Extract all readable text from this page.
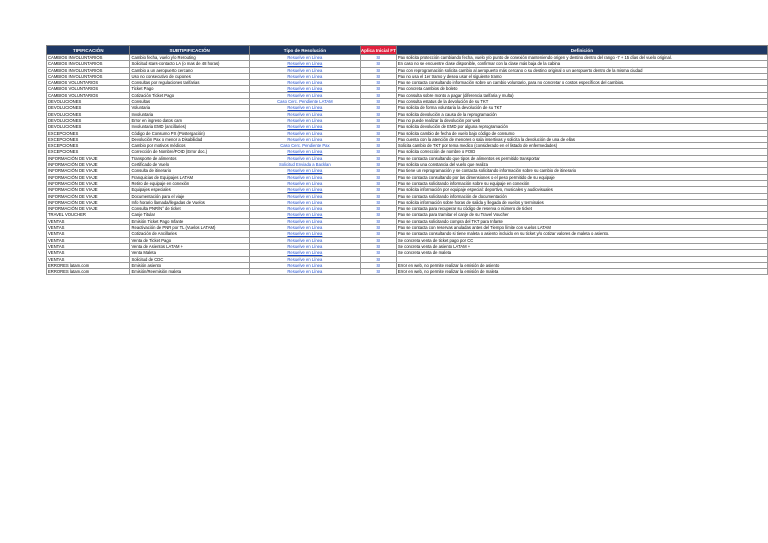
TIPIFICACIÓN	SUBTIPIFICACIÓN	Tipo de Resolución	Aplica Inicial FT	Definición
CAMBIOS INVOLUNTARIOS	Cambio fecha, vuelo y/o Rerouting	Resuelve en Línea	SI	Pax solicita protección cambiando fecha, vuelo y/o punto de conexión manteniendo origen y destino dentro del rango -7 + 15 días del vuelo original.
CAMBIOS INVOLUNTARIOS	Solicitud stars-contacto LA (o mas de 48 horas)	Resuelve en Línea	SI	En caso no se encuentre clase disponible, confirmar con la clase más baja de la cabina
CAMBIOS INVOLUNTARIOS	Cambio a un aeropuerto cercano	Resuelve en Línea	SI	Pax con reprogramación solicita cambio al aeropuerto más cercano o su destino original o un aeropuerto dentro de la misma ciudad
CAMBIOS INVOLUNTARIOS	Uso no consecutivo de cupones	Resuelve en Línea	SI	Pax no usa el 1er tramo y desea usar el siguiente tramo
CAMBIOS VOLUNTARIOS	Consultas por regulaciones tarifarias	Resuelve en Línea	SI	Pax se contacta consultando información sobre un cambio voluntario, para no concretar o costos específicos del cambios.
CAMBIOS VOLUNTARIOS	Ticket Pago	Resuelve en Línea	SI	Pax concreta cambios de boleto
CAMBIOS VOLUNTARIOS	Cotización Ticket Pago	Resuelve en Línea	SI	Pax consulta sobre monto a pagar (diferencia tarifaria y multa)
DEVOLUCIONES	Consultas	Caso Cerc. Pendiente LATAM	SI	Pax consulta estatus de la devolución de su TKT
DEVOLUCIONES	Voluntaria	Resuelve en Línea	SI	Pax solicita de forma voluntaria la devolución de su TKT
DEVOLUCIONES	Involuntaria	Resuelve en Línea	SI	Pax solicita devolución a causa de la reprogramación
DEVOLUCIONES	Error en ingreso datos cam	Resuelve en Línea	SI	Pax no puede realizar la devolución por web
DEVOLUCIONES	Involuntaria EMD (ancillaries)	Resuelve en Línea	SI	Pax solicita devolución de EMD por alguna reprogramación
EXCEPCIONES	Código de Consumo PX (Postergación)	Resuelve en Línea	SI	Pax solicita cambio de fecha de vuelo bajo código de consumo
EXCEPCIONES	Devolución Pax o menor a Disabilidad	Resuelve en Línea	SI	Pax cuenta con la atención de menores o sala insertivas y solicita la devolución de una de ellas
EXCEPCIONES	Cambio por motivos médicos	Caso Cerc. Pendiente Pax	SI	Solicita cambio de TKT por tema medico (considerado en el listado de enfermedades)
EXCEPCIONES	Corrección de Nombre/FOID (Error doc.)	Resuelve en Línea	SI	Pax solicita corrección de nombre o FOID
INFORMACIÓN DE VIAJE	Transporte de alimentos	Resuelve en Línea	SI	Pax se contacta consultando que tipos de alimentos es permitido transportar
INFORMACIÓN DE VIAJE	Certificado de Vuelo	Solicitud Enviada a Backlan	SI	Pax solicita una constancia del vuelo que realiza
INFORMACIÓN DE VIAJE	Consulta de itinerario	Resuelve en Línea	SI	Pax tiene un reprogramación y se contacta solicitando información sobre su cambio de itinerario
INFORMACIÓN DE VIAJE	Franquicias de Equipajes LATAM	Resuelve en Línea	SI	Pax se contacta consultando por las dimensiones o el peso permitido de su equipaje
INFORMACIÓN DE VIAJE	Retiro de equipaje en conexión	Resuelve en Línea	SI	Pax se contacta solicitando información sobre su equipaje en conexión
INFORMACIÓN DE VIAJE	Equipajes especiales	Resuelve en Línea	SI	Pax solicita información por equipaje especial: deportivo, musicales y audiovisuales
INFORMACIÓN DE VIAJE	Documentación para el viaje	Resuelve en Línea	SI	Pax se contacta solicitando información de documentación
INFORMACIÓN DE VIAJE	Info horario llamada/llegadas de Vuelos	Resuelve en Línea	SI	Pax solicita información sobre horas de salida y llegada de vuelos y terminales
INFORMACIÓN DE VIAJE	Consulta PNR/N° de ticket	Resuelve en Línea	SI	Pax se contacta para recuperar su código de reserva o número de ticket
TRAVEL VOUCHER	Canje Titular	Resuelve en Línea	SI	Pax se contacta para tramitar el canje de su Travel Voucher
VENTAS	Emisión Ticket Pago Infante	Resuelve en Línea	SI	Pax se contacta solicitando compra del TKT para Infante
VENTAS	Reactivación de PNR por TL (Vuelos LATAM)	Resuelve en Línea	SI	Pax se contacta con reservas anuladas antes del Tiempo límite con vuelos LATAM
VENTAS	Cotización de Ancillaries	Resuelve en Línea	SI	Pax se contacta consultando si tiene maleta o asiento incluido en su ticket y/o cotizar valores de maleta o asiento.
VENTAS	Venta de Ticket Pago	Resuelve en Línea	SI	Se concreta venta de ticket pago por CC
VENTAS	Venta de Asientos LATAM +	Resuelve en Línea	SI	Se concreta venta de asiento LATAM +
VENTAS	Venta Maleta	Resuelve en Línea	SI	Se concreta venta de maleta
VENTAS	Solicitud de CDC	Resuelve en Línea	SI	
ERRORES latam.com	Emisión asiento	Resuelve en Línea	SI	Error en web, no permite realizar la emisión de asiento
ERRORES latam.com	Emisión/Reemisión maleta	Resuelve en Línea	SI	Error en web, no permite realizar la emisión de maleta
